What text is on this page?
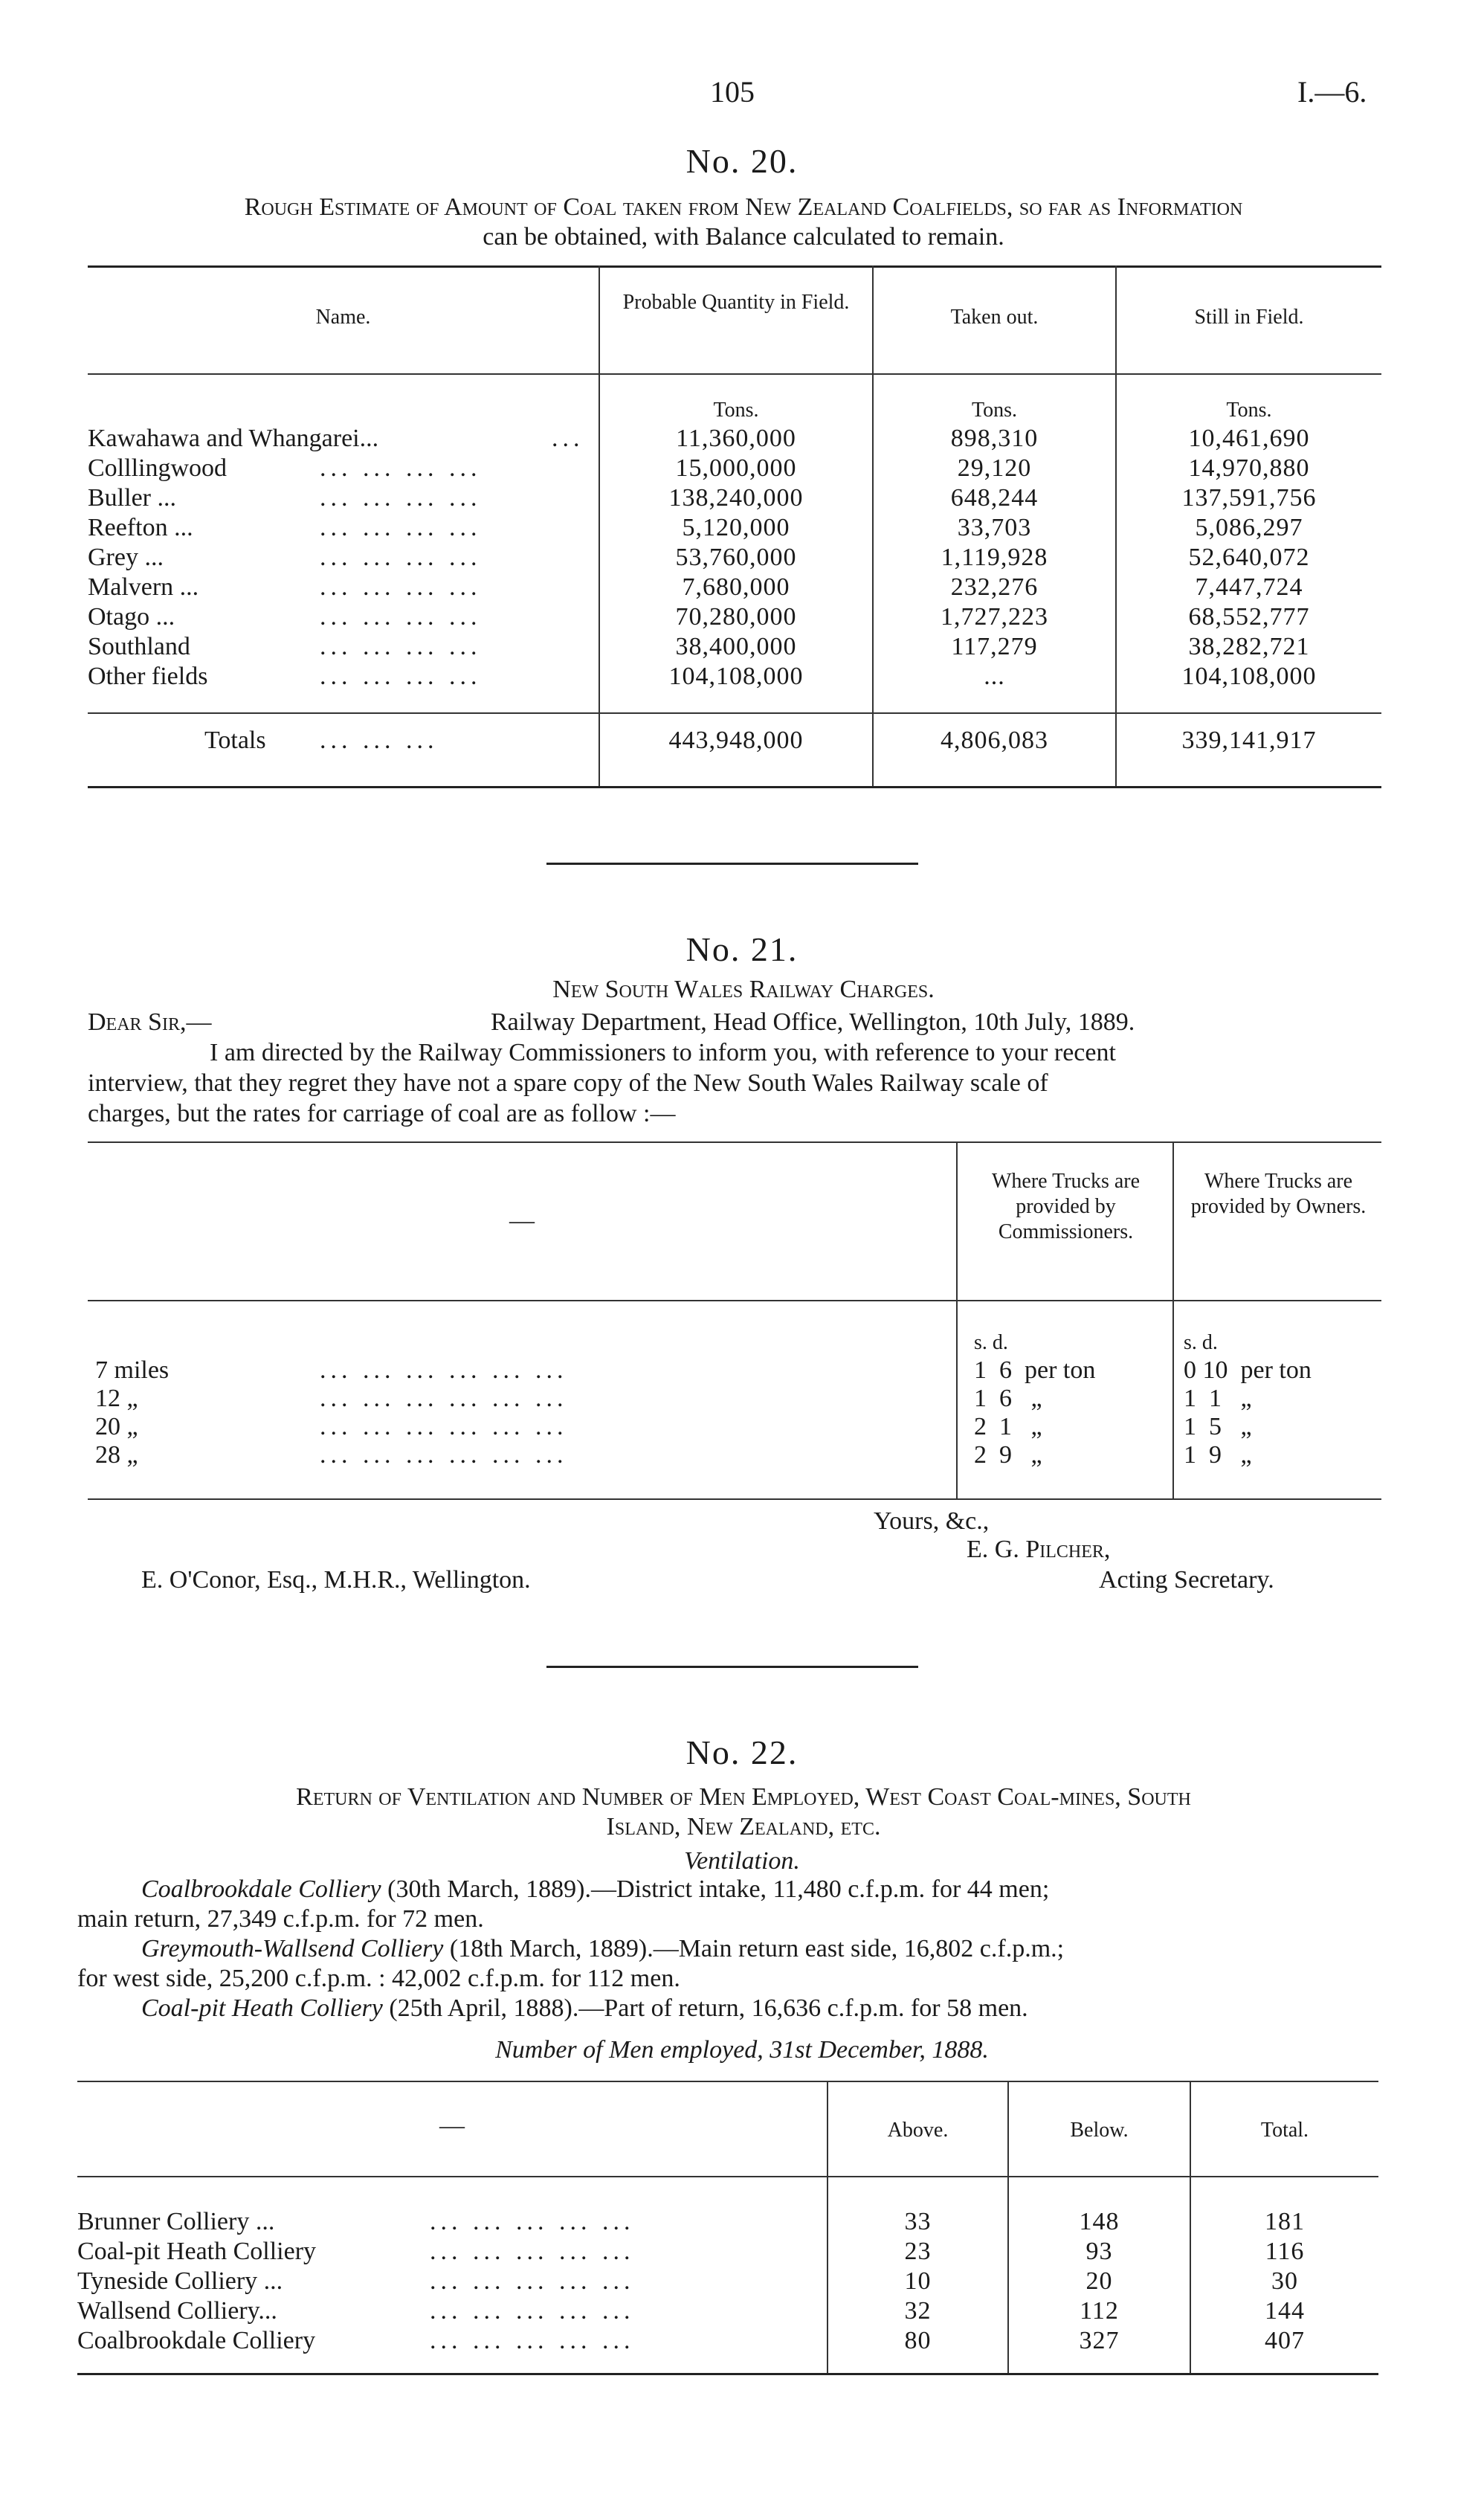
105	I.—6.
No. 20.
Rough Estimate of Amount of Coal taken from New Zealand Coalfields, so far as Information
can be obtained, with Balance calculated to remain.
Name.
Probable Quantity in Field.
Taken out.	Still in Field.
Tons.	Tons.	Tons.
Kawahawa and Whangarei...	...	11,360,000	898,310	10,461,690
Colllingwood	... ... ... ...	15,000,000	29,120	14,970,880
Buller ...	... ... ... ...	138,240,000	648,244	137,591,756
Reefton ...	... ... ... ...	5,120,000	33,703	5,086,297
Grey ...	... ... ... ...	53,760,000	1,119,928	52,640,072
Malvern ...	... ... ... ...	7,680,000	232,276	7,447,724
Otago ...	... ... ... ...	70,280,000	1,727,223	68,552,777
Southland	... ... ... ...	38,400,000	117,279	38,282,721
Other fields	... ... ... ...	104,108,000	...	104,108,000
Totals ... ... ...	443,948,000	4,806,083	339,141,917
No. 21.
New South Wales Railway Charges.
Dear Sir,—	Railway Department, Head Office, Wellington, 10th July, 1889.
I am directed by the Railway Commissioners to inform you, with reference to your recent
interview, that they regret they have not a spare copy of the New South Wales Railway scale of
charges, but the rates for carriage of coal are as follow :—
—
Where Trucks are provided by Commissioners.
Where Trucks are provided by Owners.
s. d.	s. d.
7 miles	... ... ... ... ... ...	1  6  per ton	0 10  per ton
12 „	... ... ... ... ... ...	1  6   „	1  1   „
20 „	... ... ... ... ... ...	2  1   „	1  5   „
28 „	... ... ... ... ... ...	2  9   „	1  9   „
Yours, &c.,
E. G. Pilcher,
E. O'Conor, Esq., M.H.R., Wellington.	Acting Secretary.
No. 22.
Return of Ventilation and Number of Men Employed, West Coast Coal-mines, South
Island, New Zealand, etc.
Ventilation.
Coalbrookdale Colliery (30th March, 1889).—District intake, 11,480 c.f.p.m. for 44 men;
main return, 27,349 c.f.p.m. for 72 men.
Greymouth-Wallsend Colliery (18th March, 1889).—Main return east side, 16,802 c.f.p.m.;
for west side, 25,200 c.f.p.m. : 42,002 c.f.p.m. for 112 men.
Coal-pit Heath Colliery (25th April, 1888).—Part of return, 16,636 c.f.p.m. for 58 men.
Number of Men employed, 31st December, 1888.
—	Above.	Below.	Total.
Brunner Colliery ...	... ... ... ... ...	33	148	181
Coal-pit Heath Colliery	... ... ... ... ...	23	93	116
Tyneside Colliery ...	... ... ... ... ...	10	20	30
Wallsend Colliery...	... ... ... ... ...	32	112	144
Coalbrookdale Colliery	... ... ... ... ...	80	327	407
